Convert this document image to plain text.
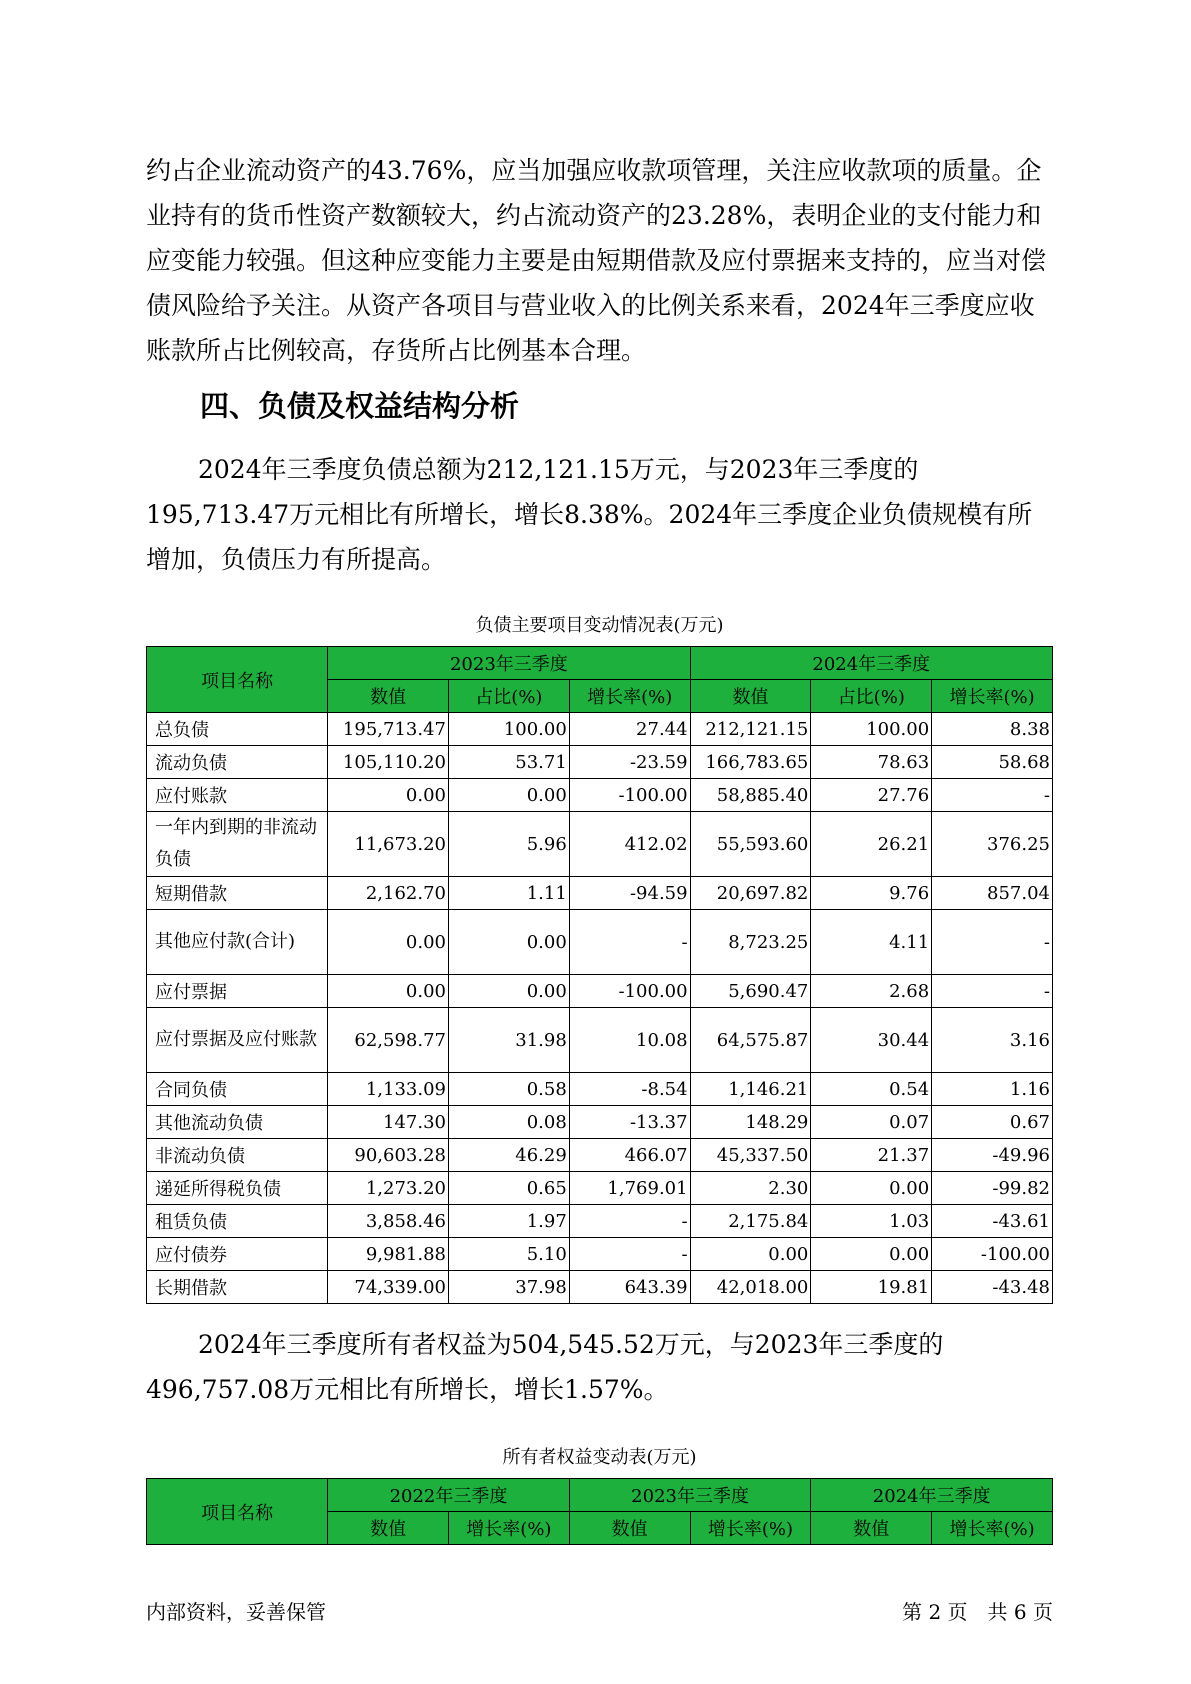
约占企业流动资产的43.76%，应当加强应收款项管理，关注应收款项的质量。企业持有的货币性资产数额较大，约占流动资产的23.28%，表明企业的支付能力和应变能力较强。但这种应变能力主要是由短期借款及应付票据来支持的，应当对偿债风险给予关注。从资产各项目与营业收入的比例关系来看，2024年三季度应收账款所占比例较高，存货所占比例基本合理。

四、负债及权益结构分析

2024年三季度负债总额为212,121.15万元，与2023年三季度的195,713.47万元相比有所增长，增长8.38%。2024年三季度企业负债规模有所增加，负债压力有所提高。

负债主要项目变动情况表(万元)

项目名称	2023年三季度			2024年三季度		
	数值	占比(%)	增长率(%)	数值	占比(%)	增长率(%)
总负债	195,713.47	100.00	27.44	212,121.15	100.00	8.38
流动负债	105,110.20	53.71	-23.59	166,783.65	78.63	58.68
应付账款	0.00	0.00	-100.00	58,885.40	27.76	-
一年内到期的非流动负债	11,673.20	5.96	412.02	55,593.60	26.21	376.25
短期借款	2,162.70	1.11	-94.59	20,697.82	9.76	857.04
其他应付款(合计)	0.00	0.00	-	8,723.25	4.11	-
应付票据	0.00	0.00	-100.00	5,690.47	2.68	-
应付票据及应付账款	62,598.77	31.98	10.08	64,575.87	30.44	3.16
合同负债	1,133.09	0.58	-8.54	1,146.21	0.54	1.16
其他流动负债	147.30	0.08	-13.37	148.29	0.07	0.67
非流动负债	90,603.28	46.29	466.07	45,337.50	21.37	-49.96
递延所得税负债	1,273.20	0.65	1,769.01	2.30	0.00	-99.82
租赁负债	3,858.46	1.97	-	2,175.84	1.03	-43.61
应付债券	9,981.88	5.10	-	0.00	0.00	-100.00
长期借款	74,339.00	37.98	643.39	42,018.00	19.81	-43.48

2024年三季度所有者权益为504,545.52万元，与2023年三季度的496,757.08万元相比有所增长，增长1.57%。

所有者权益变动表(万元)

项目名称	2022年三季度		2023年三季度		2024年三季度	
	数值	增长率(%)	数值	增长率(%)	数值	增长率(%)

内部资料，妥善保管	第 2 页　共 6 页
